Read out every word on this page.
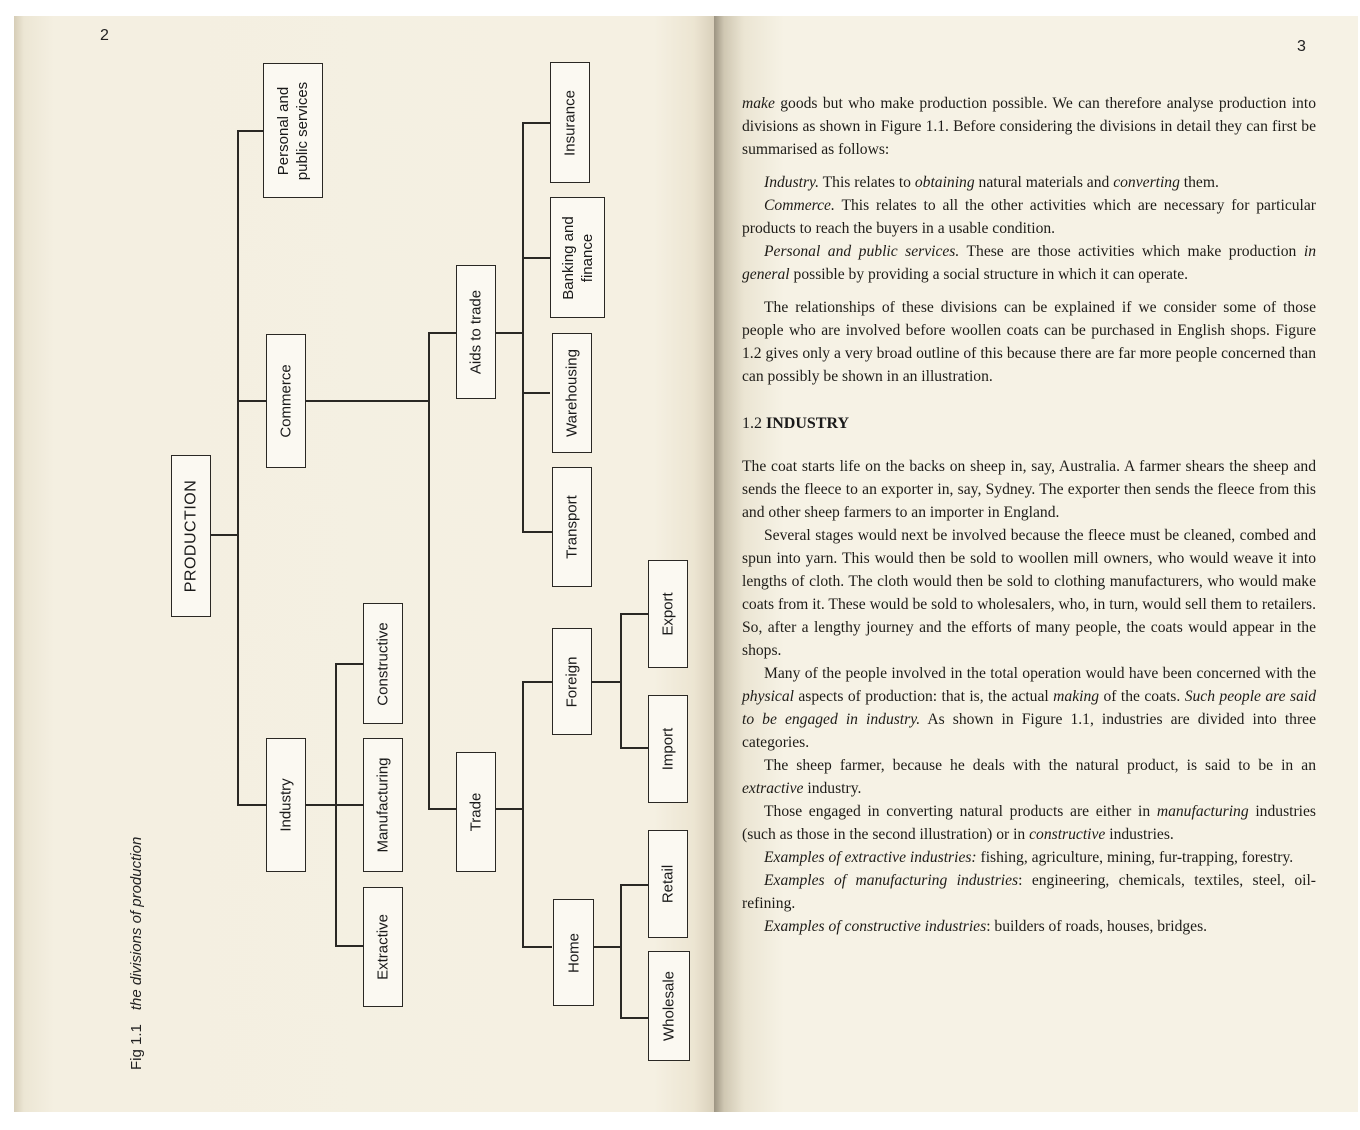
2
3
PRODUCTION
Personal and public services
Commerce
Industry
Constructive
Manufacturing
Extractive
Aids to trade
Trade
Insurance
Banking and finance
Warehousing
Transport
Foreign
Home
Export
Import
Retail
Wholesale
Fig 1.1the divisions of production

make goods but who make production possible. We can therefore analyse production into divisions as shown in Figure 1.1. Before considering the divisions in detail they can first be summarised as follows:

Industry. This relates to obtaining natural materials and converting them.

Commerce. This relates to all the other activities which are necessary for particular products to reach the buyers in a usable condition.

Personal and public services. These are those activities which make production in general possible by providing a social structure in which it can operate.

The relationships of these divisions can be explained if we consider some of those people who are involved before woollen coats can be purchased in English shops. Figure 1.2 gives only a very broad outline of this because there are far more people concerned than can possibly be shown in an illustration.

1.2 INDUSTRY

The coat starts life on the backs on sheep in, say, Australia. A farmer shears the sheep and sends the fleece to an exporter in, say, Sydney. The exporter then sends the fleece from this and other sheep farmers to an importer in England.

Several stages would next be involved because the fleece must be cleaned, combed and spun into yarn. This would then be sold to woollen mill owners, who would weave it into lengths of cloth. The cloth would then be sold to clothing manufacturers, who would make coats from it. These would be sold to wholesalers, who, in turn, would sell them to retailers. So, after a lengthy journey and the efforts of many people, the coats would appear in the shops.

Many of the people involved in the total operation would have been concerned with the physical aspects of production: that is, the actual making of the coats. Such people are said to be engaged in industry. As shown in Figure 1.1, industries are divided into three categories.

The sheep farmer, because he deals with the natural product, is said to be in an extractive industry.

Those engaged in converting natural products are either in manufacturing industries (such as those in the second illustration) or in constructive industries.

Examples of extractive industries: fishing, agriculture, mining, fur-trapping, forestry.

Examples of manufacturing industries: engineering, chemicals, textiles, steel, oil-refining.

Examples of constructive industries: builders of roads, houses, bridges.
